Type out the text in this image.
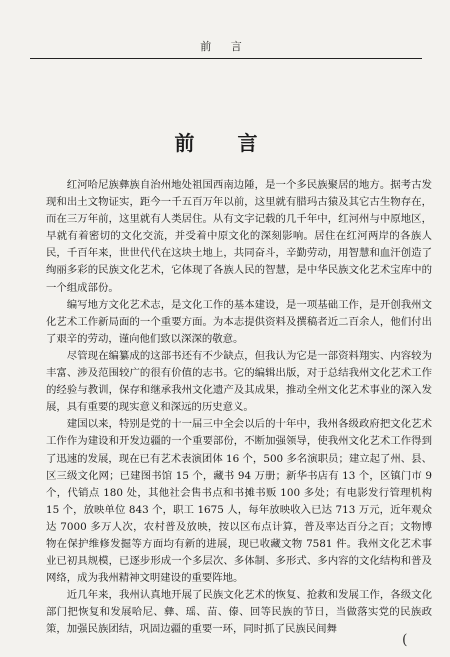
前 言
前 言

红河哈尼族彝族自治州地处祖国西南边陲，是一个多民族聚居的地方。据考古发现和出土文物证实，距今一千五百万年以前，这里就有腊玛古猿及其它古生物存在，而在三万年前，这里就有人类居住。从有文字记载的几千年中，红河州与中原地区，早就有着密切的文化交流，并受着中原文化的深刻影响。居住在红河两岸的各族人民，千百年来，世世代代在这块土地上，共同奋斗，辛勤劳动，用智慧和血汗创造了绚丽多彩的民族文化艺术，它体现了各族人民的智慧，是中华民族文化艺术宝库中的一个组成部份。

编写地方文化艺术志，是文化工作的基本建设，是一项基础工作，是开创我州文化艺术工作新局面的一个重要方面。为本志提供资料及撰稿者近二百余人，他们付出了艰辛的劳动，谨向他们致以深深的敬意。

尽管现在编纂成的这部书还有不少缺点，但我认为它是一部资料翔实、内容较为丰富、涉及范围较广的很有价值的志书。它的编辑出版，对于总结我州文化艺术工作的经验与教训，保存和继承我州文化遗产及其成果，推动全州文化艺术事业的深入发展，具有重要的现实意义和深远的历史意义。

建国以来，特别是党的十一届三中全会以后的十年中，我州各级政府把文化艺术工作作为建设和开发边疆的一个重要部份，不断加强领导，使我州文化艺术工作得到了迅速的发展，现在已有艺术表演团体 16 个，500 多名演职员；建立起了州、县、区三级文化网；已建图书馆 15 个，藏书 94 万册；新华书店有 13 个，区镇门市 9 个，代销点 180 处，其他社会售书点和书摊书贩 100 多处；有电影发行管理机构 15 个，放映单位 843 个，职工 1675 人，每年放映收入已达 713 万元，近年观众达 7000 多万人次，农村普及放映，按以区布点计算，普及率达百分之百；文物博物在保护维修发掘等方面均有新的进展，现已收藏文物 7581 件。我州文化艺术事业已初具规模，已逐步形成一个多层次、多体制、多形式、多内容的文化结构和普及网络，成为我州精神文明建设的重要阵地。

近几年来，我州认真地开展了民族文化艺术的恢复、抢救和发展工作，各级文化部门把恢复和发展哈尼、彝、瑶、苗、傣、回等民族的节日，当做落实党的民族政策，加强民族团结，巩固边疆的重要一环，同时抓了民族民间舞

(
